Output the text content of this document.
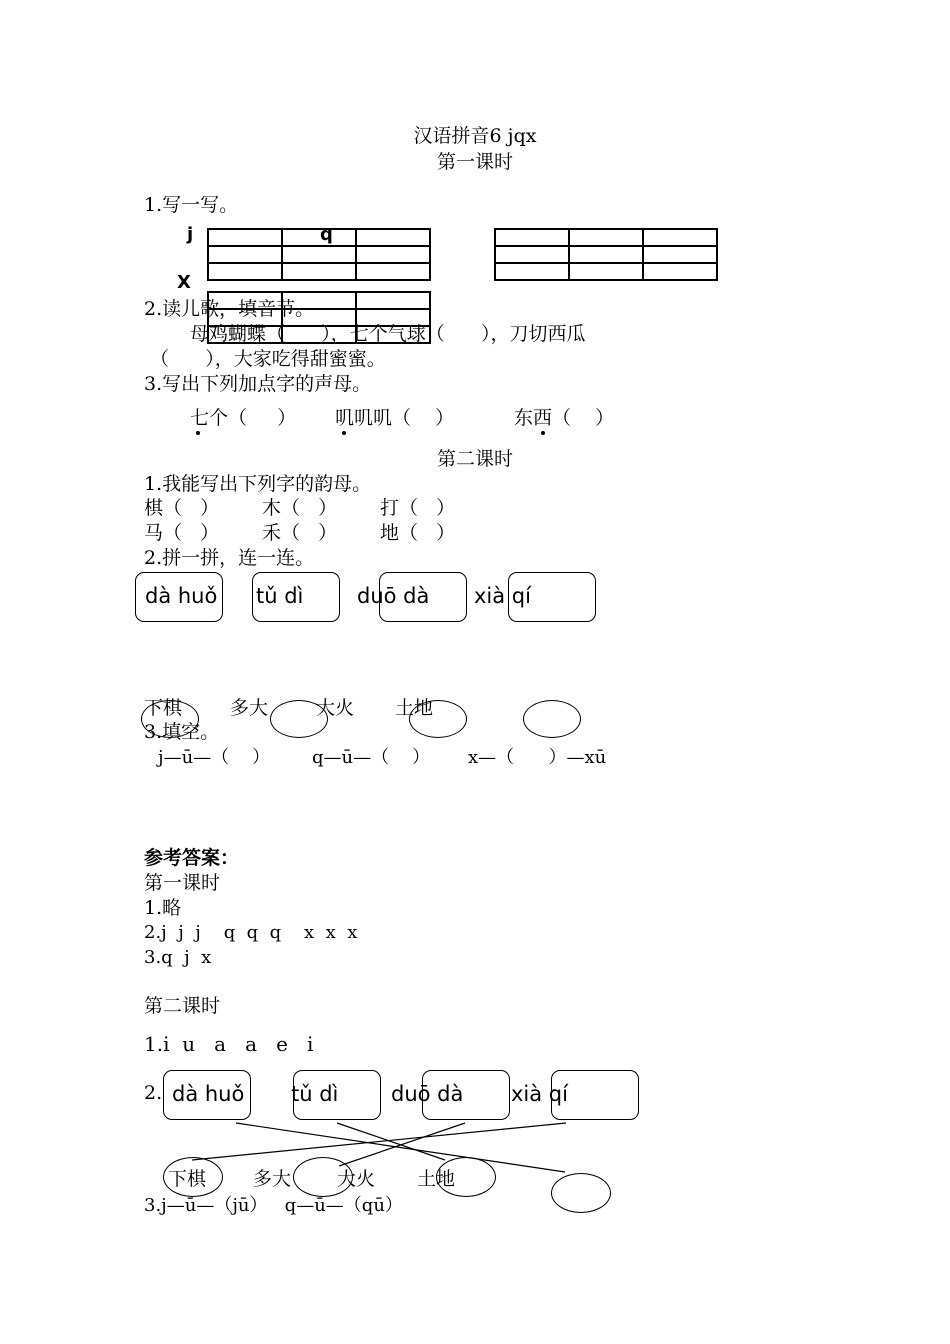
汉语拼音6 jqx
第一课时
1.写一写。
j	q
X

2.读儿歌，填音节。
母鸡蝴蝶（      ），七个气球（      ），刀切西瓜
（      ），大家吃得甜蜜蜜。
3.写出下列加点字的声母。
七个（     ） 叽叽叽（    ）	东西（    ）
第二课时
1.我能写出下列字的韵母。
棋（   ） 木（   ） 打（   ）
马（   ） 禾（   ） 地（   ）
2.拼一拼，连一连。
dà huǒ tǔ dì	duō dà xià qí
下棋	多大	大火 土地
3.填空。
j—ū—（    ） q—ū—（    ） x—（      ）—xū
参考答案：
第一课时
1.略
2.j  j  j    q  q  q    x  x  x
3.q  j  x
第二课时
1.i  u   a   a   e   i
2. dà huǒ tǔ dì	duō dà xià qí
下棋 多大 大火 土地
3.j—ū—（jū）   q—ū—（qū）
